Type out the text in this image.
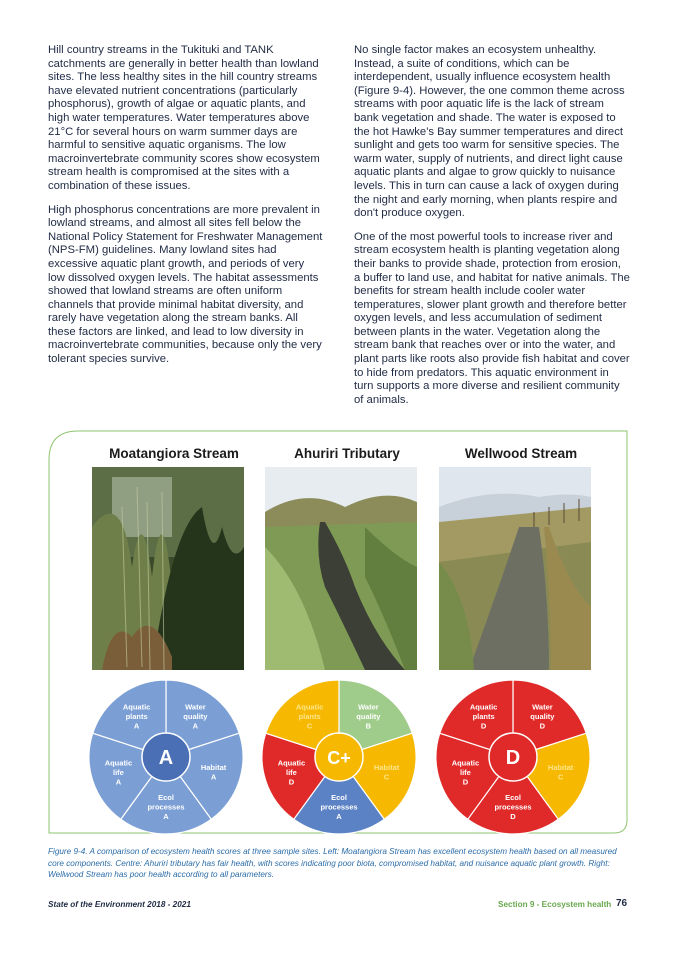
Hill country streams in the Tukituki and TANK catchments are generally in better health than lowland sites. The less healthy sites in the hill country streams have elevated nutrient concentrations (particularly phosphorus), growth of algae or aquatic plants, and high water temperatures. Water temperatures above 21°C for several hours on warm summer days are harmful to sensitive aquatic organisms. The low macroinvertebrate community scores show ecosystem stream health is compromised at the sites with a combination of these issues.

High phosphorus concentrations are more prevalent in lowland streams, and almost all sites fell below the National Policy Statement for Freshwater Management (NPS-FM) guidelines. Many lowland sites had excessive aquatic plant growth, and periods of very low dissolved oxygen levels. The habitat assessments showed that lowland streams are often uniform channels that provide minimal habitat diversity, and rarely have vegetation along the stream banks. All these factors are linked, and lead to low diversity in macroinvertebrate communities, because only the very tolerant species survive.

No single factor makes an ecosystem unhealthy. Instead, a suite of conditions, which can be interdependent, usually influence ecosystem health (Figure 9-4). However, the one common theme across streams with poor aquatic life is the lack of stream bank vegetation and shade. The water is exposed to the hot Hawke's Bay summer temperatures and direct sunlight and gets too warm for sensitive species. The warm water, supply of nutrients, and direct light cause aquatic plants and algae to grow quickly to nuisance levels. This in turn can cause a lack of oxygen during the night and early morning, when plants respire and don't produce oxygen.

One of the most powerful tools to increase river and stream ecosystem health is planting vegetation along their banks to provide shade, protection from erosion, a buffer to land use, and habitat for native animals. The benefits for stream health include cooler water temperatures, slower plant growth and therefore better oxygen levels, and less accumulation of sediment between plants in the water. Vegetation along the stream bank that reaches over or into the water, and plant parts like roots also provide fish habitat and cover to hide from predators. This aquatic environment in turn supports a more diverse and resilient community of animals.

Moatangiora Stream
Water quality A
Habitat A
Ecol processes A
Aquatic life A
Aquatic plants A
A
Ahuriri Tributary
Water quality B
Habitat C
Ecol processes A
Aquatic life D
Aquatic plants C
C+
Wellwood Stream
Water quality D
Habitat C
Ecol processes D
Aquatic life D
Aquatic plants D
D

Figure 9-4. A comparison of ecosystem health scores at three sample sites. Left: Moatangiora Stream has excellent ecosystem health based on all measured core components. Centre: Ahuriri tributary has fair health, with scores indicating poor biota, compromised habitat, and nuisance aquatic plant growth. Right: Wellwood Stream has poor health according to all parameters.

State of the Environment 2018 - 2021	Section 9 - Ecosystem health 76
